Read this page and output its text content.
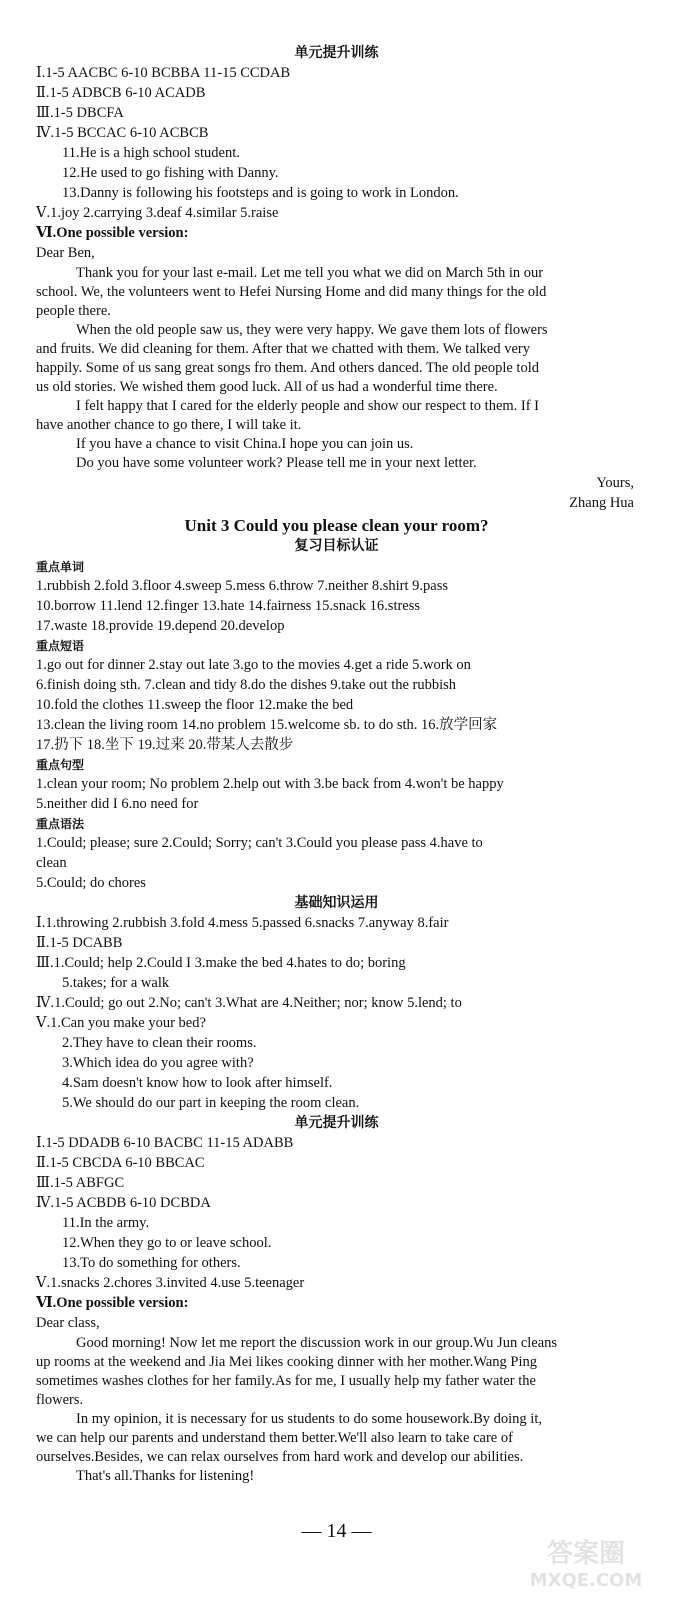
单元提升训练
Ⅰ.1-5 AACBC 6-10 BCBBA 11-15 CCDAB
Ⅱ.1-5 ADBCB 6-10 ACADB
Ⅲ.1-5 DBCFA
Ⅳ.1-5 BCCAC 6-10 ACBCB
11.He is a high school student.
12.He used to go fishing with Danny.
13.Danny is following his footsteps and is going to work in London.
Ⅴ.1.joy 2.carrying 3.deaf 4.similar 5.raise
Ⅵ.One possible version:
Dear Ben,
Thank you for your last e-mail. Let me tell you what we did on March 5th in our
school. We, the volunteers went to Hefei Nursing Home and did many things for the old
people there.
When the old people saw us, they were very happy. We gave them lots of flowers
and fruits. We did cleaning for them. After that we chatted with them. We talked very
happily. Some of us sang great songs fro them. And others danced. The old people told
us old stories. We wished them good luck. All of us had a wonderful time there.
I felt happy that I cared for the elderly people and show our respect to them. If I
have another chance to go there, I will take it.
If you have a chance to visit China.I hope you can join us.
Do you have some volunteer work? Please tell me in your next letter.
Yours,
Zhang Hua
Unit 3 Could you please clean your room?
复习目标认证
重点单词
1.rubbish 2.fold 3.floor 4.sweep 5.mess 6.throw 7.neither 8.shirt 9.pass
10.borrow 11.lend 12.finger 13.hate 14.fairness 15.snack 16.stress
17.waste 18.provide 19.depend 20.develop
重点短语
1.go out for dinner 2.stay out late 3.go to the movies 4.get a ride 5.work on
6.finish doing sth. 7.clean and tidy 8.do the dishes 9.take out the rubbish
10.fold the clothes 11.sweep the floor 12.make the bed
13.clean the living room 14.no problem 15.welcome sb. to do sth. 16.放学回家
17.扔下 18.坐下 19.过来 20.带某人去散步
重点句型
1.clean your room; No problem 2.help out with 3.be back from 4.won't be happy
5.neither did I 6.no need for
重点语法
1.Could; please; sure 2.Could; Sorry; can't 3.Could you please pass 4.have to
clean
5.Could; do chores
基础知识运用
Ⅰ.1.throwing 2.rubbish 3.fold 4.mess 5.passed 6.snacks 7.anyway 8.fair
Ⅱ.1-5 DCABB
Ⅲ.1.Could; help 2.Could I 3.make the bed 4.hates to do; boring
5.takes; for a walk
Ⅳ.1.Could; go out 2.No; can't 3.What are 4.Neither; nor; know 5.lend; to
Ⅴ.1.Can you make your bed?
2.They have to clean their rooms.
3.Which idea do you agree with?
4.Sam doesn't know how to look after himself.
5.We should do our part in keeping the room clean.
单元提升训练
Ⅰ.1-5 DDADB 6-10 BACBC 11-15 ADABB
Ⅱ.1-5 CBCDA 6-10 BBCAC
Ⅲ.1-5 ABFGC
Ⅳ.1-5 ACBDB 6-10 DCBDA
11.In the army.
12.When they go to or leave school.
13.To do something for others.
Ⅴ.1.snacks 2.chores 3.invited 4.use 5.teenager
Ⅵ.One possible version:
Dear class,
Good morning! Now let me report the discussion work in our group.Wu Jun cleans
up rooms at the weekend and Jia Mei likes cooking dinner with her mother.Wang Ping
sometimes washes clothes for her family.As for me, I usually help my father water the
flowers.
In my opinion, it is necessary for us students to do some housework.By doing it,
we can help our parents and understand them better.We'll also learn to take care of
ourselves.Besides, we can relax ourselves from hard work and develop our abilities.
That's all.Thanks for listening!
— 14 —
答案圈
MXQE.COM
